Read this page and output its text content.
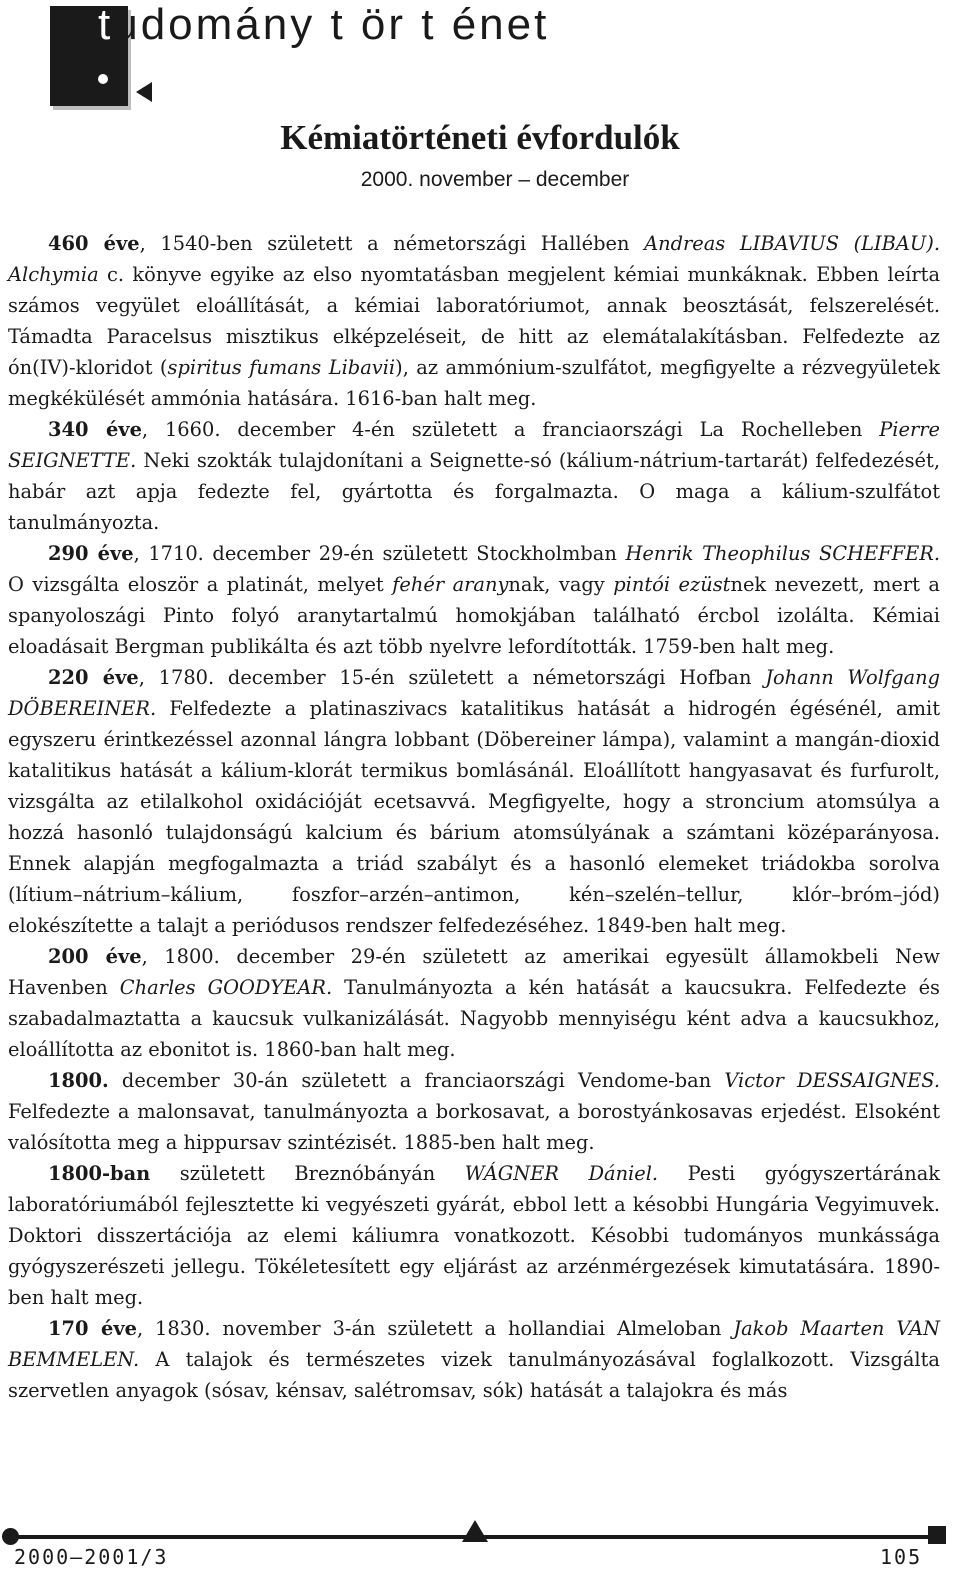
tudomány t ör t énet
Kémiatörténeti évfordulók
2000. november – december

460 éve, 1540-ben született a németországi Hallében Andreas LIBAVIUS (LIBAU). Alchymia c. könyve egyike az elso nyomtatásban megjelent kémiai munkáknak. Ebben leírta számos vegyület eloállítását, a kémiai laboratóriumot, annak beosztását, felszerelését. Támadta Paracelsus misztikus elképzeléseit, de hitt az elemátalakításban. Felfedezte az ón(IV)-kloridot (spiritus fumans Libavii), az ammónium-szulfátot, megfigyelte a rézvegyületek megkékülését ammónia hatására. 1616-ban halt meg.

340 éve, 1660. december 4-én született a franciaországi La Rochelleben Pierre SEIGNETTE. Neki szokták tulajdonítani a Seignette-só (kálium-nátrium-tartarát) felfedezését, habár azt apja fedezte fel, gyártotta és forgalmazta. O maga a kálium-szulfátot tanulmányozta.

290 éve, 1710. december 29-én született Stockholmban Henrik Theophilus SCHEFFER. O vizsgálta eloször a platinát, melyet fehér aranynak, vagy pintói ezüstnek nevezett, mert a spanyoloszági Pinto folyó aranytartalmú homokjában található ércbol izolálta. Kémiai eloadásait Bergman publikálta és azt több nyelvre lefordították. 1759-ben halt meg.

220 éve, 1780. december 15-én született a németországi Hofban Johann Wolfgang DÖBEREINER. Felfedezte a platinaszivacs katalitikus hatását a hidrogén égésénél, amit egyszeru érintkezéssel azonnal lángra lobbant (Döbereiner lámpa), valamint a mangán-dioxid katalitikus hatását a kálium-klorát termikus bomlásánál. Eloállított hangyasavat és furfurolt, vizsgálta az etilalkohol oxidációját ecetsavvá. Megfigyelte, hogy a stroncium atomsúlya a hozzá hasonló tulajdonságú kalcium és bárium atomsúlyának a számtani középarányosa. Ennek alapján megfogalmazta a triád szabályt és a hasonló elemeket triádokba sorolva (lítium–nátrium–kálium, foszfor–arzén–antimon, kén–szelén–tellur, klór–bróm–jód) elokészítette a talajt a periódusos rendszer felfedezéséhez. 1849-ben halt meg.

200 éve, 1800. december 29-én született az amerikai egyesült államokbeli New Havenben Charles GOODYEAR. Tanulmányozta a kén hatását a kaucsukra. Felfedezte és szabadalmaztatta a kaucsuk vulkanizálását. Nagyobb mennyiségu ként adva a kaucsukhoz, eloállította az ebonitot is. 1860-ban halt meg.

1800. december 30-án született a franciaországi Vendome-ban Victor DESSAIGNES. Felfedezte a malonsavat, tanulmányozta a borkosavat, a borostyánkosavas erjedést. Elsoként valósította meg a hippursav szintézisét. 1885-ben halt meg.

1800-ban született Breznóbányán WÁGNER Dániel. Pesti gyógyszertárának laboratóriumából fejlesztette ki vegyészeti gyárát, ebbol lett a késobbi Hungária Vegyimuvek. Doktori disszertációja az elemi káliumra vonatkozott. Késobbi tudományos munkássága gyógyszerészeti jellegu. Tökéletesített egy eljárást az arzénmérgezések kimutatására. 1890-ben halt meg.

170 éve, 1830. november 3-án született a hollandiai Almeloban Jakob Maarten VAN BEMMELEN. A talajok és természetes vizek tanulmányozásával foglalkozott. Vizsgálta szervetlen anyagok (sósav, kénsav, salétromsav, sók) hatását a talajokra és más

2000–2001/3	105
